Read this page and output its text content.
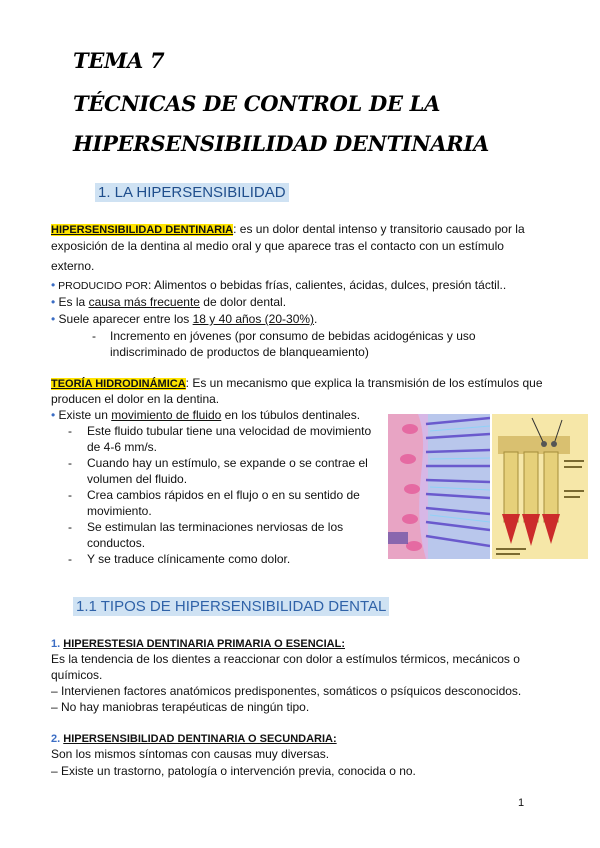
TEMA 7
TÉCNICAS DE CONTROL DE LA
HIPERSENSIBILIDAD DENTINARIA
1. LA HIPERSENSIBILIDAD
HIPERSENSIBILIDAD DENTINARIA: es un dolor dental intenso y transitorio causado por la
exposición de la dentina al medio oral y que aparece tras el contacto con un estímulo
externo.
• PRODUCIDO POR: Alimentos o bebidas frías, calientes, ácidas, dulces, presión táctil..
• Es la causa más frecuente de dolor dental.
• Suele aparecer entre los 18 y 40 años (20-30%).
- Incremento en jóvenes (por consumo de bebidas acidogénicas y uso
indiscriminado de productos de blanqueamiento)
TEORÍA HIDRODINÁMICA: Es un mecanismo que explica la transmisión de los estímulos que
producen el dolor en la dentina.
• Existe un movimiento de fluido en los túbulos dentinales.
- Este fluido tubular tiene una velocidad de movimiento
de 4-6 mm/s.
- Cuando hay un estímulo, se expande o se contrae el
volumen del fluido.
- Crea cambios rápidos en el flujo o en su sentido de
movimiento.
- Se estimulan las terminaciones nerviosas de los
conductos.
- Y se traduce clínicamente como dolor.
1.1 TIPOS DE HIPERSENSIBILIDAD DENTAL
1. HIPERESTESIA DENTINARIA PRIMARIA O ESENCIAL:
Es la tendencia de los dientes a reaccionar con dolor a estímulos térmicos, mecánicos o
químicos.
– Intervienen factores anatómicos predisponentes, somáticos o psíquicos desconocidos.
– No hay maniobras terapéuticas de ningún tipo.
2. HIPERSENSIBILIDAD DENTINARIA O SECUNDARIA:
Son los mismos síntomas con causas muy diversas.
– Existe un trastorno, patología o intervención previa, conocida o no.
1
